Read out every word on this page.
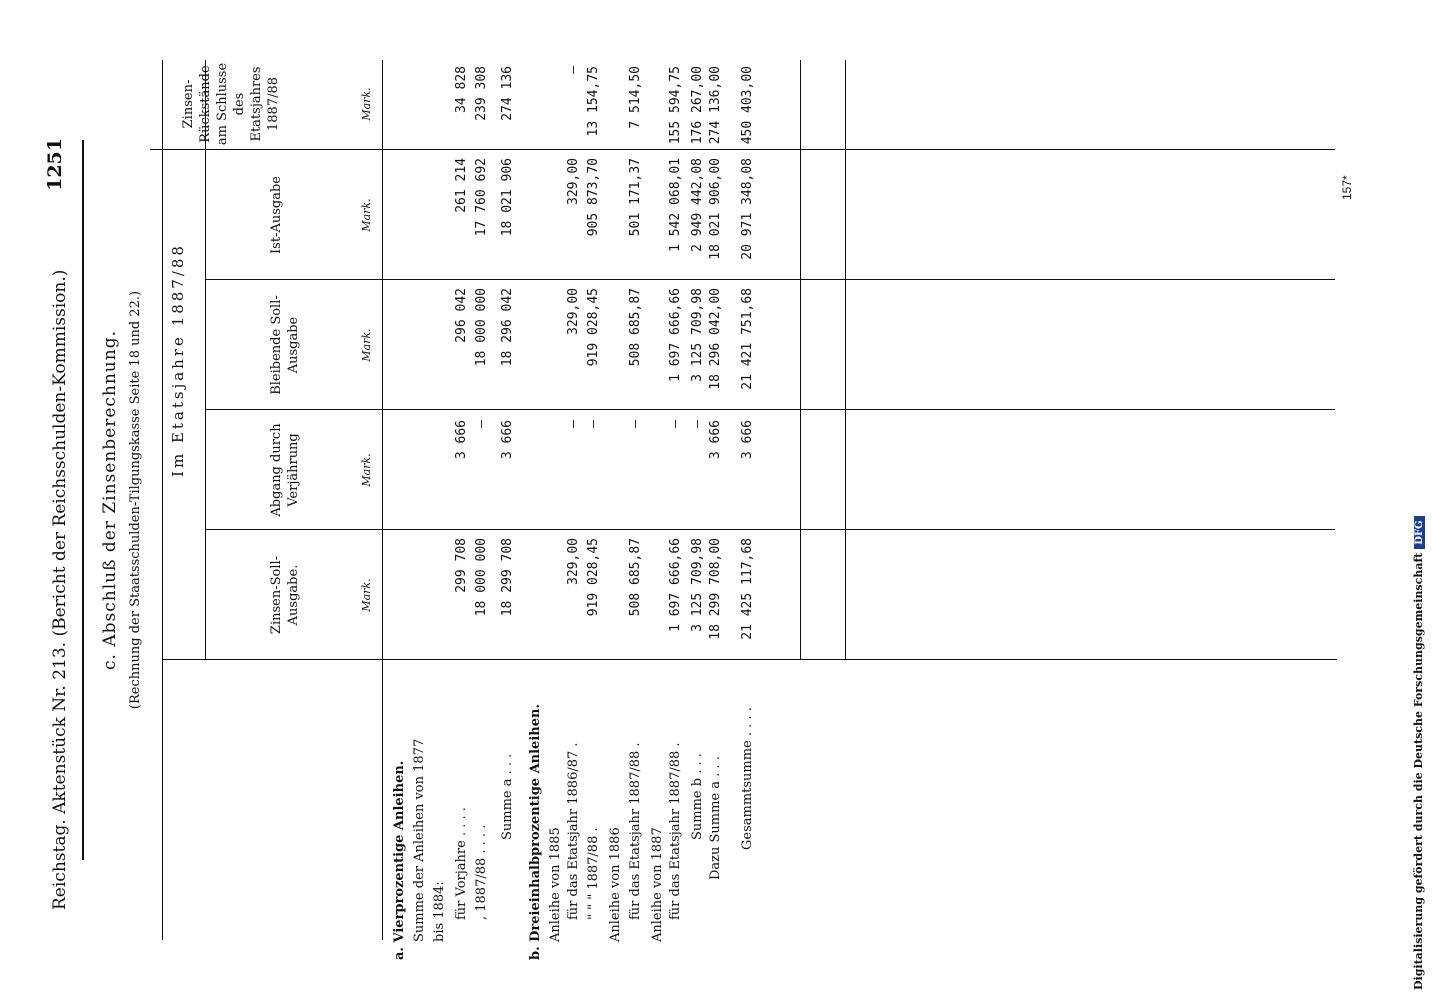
Reichstag. Aktenstück Nr. 213. (Bericht der Reichsschulden-Kommission.)
1251
c. Abschluß der Zinsenberechnung. (Rechnung der Staatsschulden-Tilgungskasse Seite 18 und 22.) Im Etatsjahre 1887/88
Zinsen-Soll-Ausgabe.
Abgang durch Verjährung
Bleibende Soll-Ausgabe
Ist-Ausgabe
Zinsen-Rückstände am Schlusse des Etatsjahres 1887/88
Mark.
Mark.
Mark.
Mark.
Mark.
a. Vierprozentige Anleihen. Summe der Anleihen von 1877 bis 1884: für Vorjahre . . . .
299 708
3 666
296 042
261 214
34 828
, 1887/88 . . . .
18 000 000
—
18 000 000
17 760 692
239 308
Summe a . . .
18 299 708
3 666
18 296 042
18 021 906
274 136
b. Dreieinhalbprozentige Anleihen. Anleihe von 1885 für das Etatsjahr 1886/87 .
329,00
—
329,00
329,00
—
" " " 1887/88 .
919 028,45
—
919 028,45
905 873,70
13 154,75
Anleihe von 1886 für das Etatsjahr 1887/88 .
508 685,87
—
508 685,87
501 171,37
7 514,50
Anleihe von 1887 für das Etatsjahr 1887/88 .
1 697 666,66
—
1 697 666,66
1 542 068,01
155 594,75
Summe b . . .
3 125 709,98
—
3 125 709,98
2 949 442,08
176 267,00
Dazu Summe a . . .
18 299 708,00
3 666
18 296 042,00
18 021 906,00
274 136,00
Gesammtsumme . . . .
21 425 117,68
3 666
21 421 751,68
20 971 348,08
450 403,00
157*
Digitalisierung gefördert durch die Deutsche ForschungsgemeinschaftDFG
